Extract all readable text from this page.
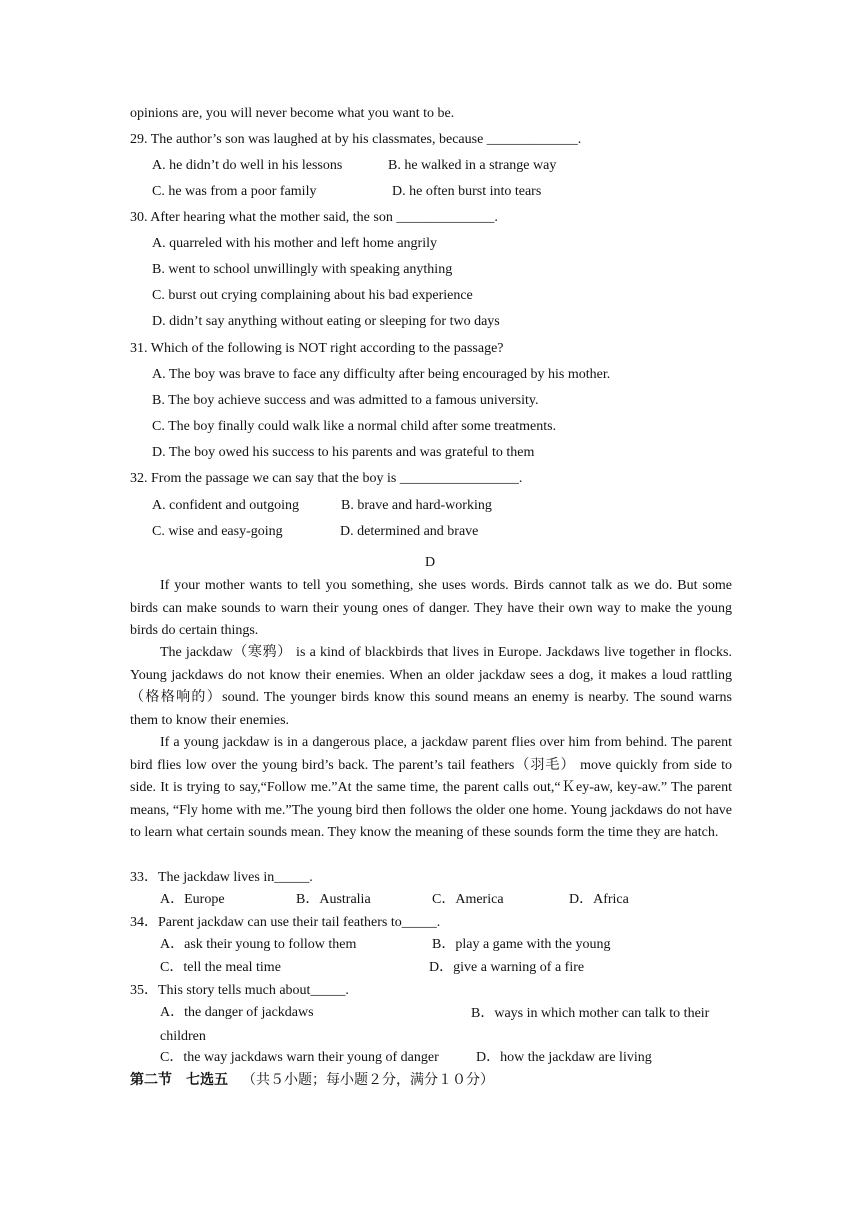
opinions are, you will never become what you want to be.
29. The author’s son was laughed at by his classmates, because _____________.
A. he didn’t do well in his lessons	B. he walked in a strange way
C. he was from a poor family	D. he often burst into tears
30. After hearing what the mother said, the son ______________.
A. quarreled with his mother and left home angrily
B. went to school unwillingly with speaking anything
C. burst out crying complaining about his bad experience
D. didn’t say anything without eating or sleeping for two days
31. Which of the following is NOT right according to the passage?
A. The boy was brave to face any difficulty after being encouraged by his mother.
B. The boy achieve success and was admitted to a famous university.
C. The boy finally could walk like a normal child after some treatments.
D. The boy owed his success to his parents and was grateful to them
32. From the passage we can say that the boy is _________________.
A. confident and outgoing	B. brave and hard-working
C. wise and easy-going	D. determined and brave
D
If your mother wants to tell you something, she uses words. Birds cannot talk as we do. But some birds can make sounds to warn their young ones of danger. They have their own way to make the young birds do certain things.
The jackdaw（寒鸦） is a kind of blackbirds that lives in Europe. Jackdaws live together in flocks. Young jackdaws do not know their enemies. When an older jackdaw sees a dog, it makes a loud rattling（格格响的）sound. The younger birds know this sound means an enemy is nearby. The sound warns them to know their enemies.
If a young jackdaw is in a dangerous place, a jackdaw parent flies over him from behind. The parent bird flies low over the young bird’s back. The parent’s tail feathers（羽毛） move quickly from side to side. It is trying to say,“Follow me.”At the same time, the parent calls out,“Ｋey-aw, key-aw.” The parent means, “Fly home with me.”The young bird then follows the older one home. Young jackdaws do not have to learn what certain sounds mean. They know the meaning of these sounds form the time they are hatch.
33．The jackdaw lives in_____.
A．Europe	B．Australia	C．America	D．Africa
34．Parent jackdaw can use their tail feathers to_____.
A．ask their young to follow them	B．play a game with the young
C．tell the meal time	D．give a warning of a fire
35．This story tells much about_____.
A．the danger of jackdaws	B．ways in which mother can talk to their children
C．the way jackdaws warn their young of danger	D．how the jackdaw are living
第二节　七选五 （共５小题；每小题２分，满分１０分）
